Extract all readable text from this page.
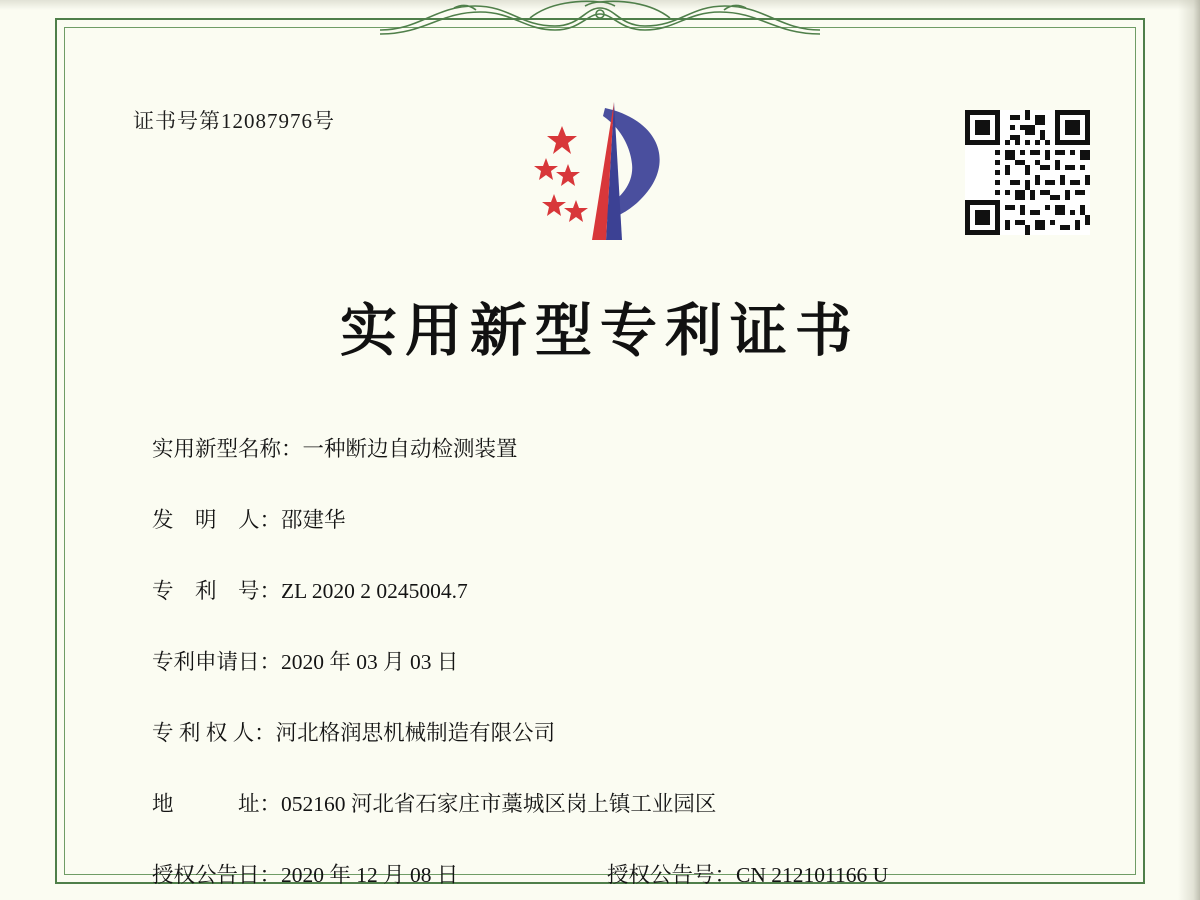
证书号第12087976号
实用新型专利证书
实用新型名称：一种断边自动检测装置
发　明　人：邵建华
专　利　号：ZL 2020 2 0245004.7
专利申请日：2020 年 03 月 03 日
专 利 权 人：河北格润思机械制造有限公司
地　　　址：052160 河北省石家庄市藁城区岗上镇工业园区
授权公告日：2020 年 12 月 08 日	授权公告号：CN 212101166 U
